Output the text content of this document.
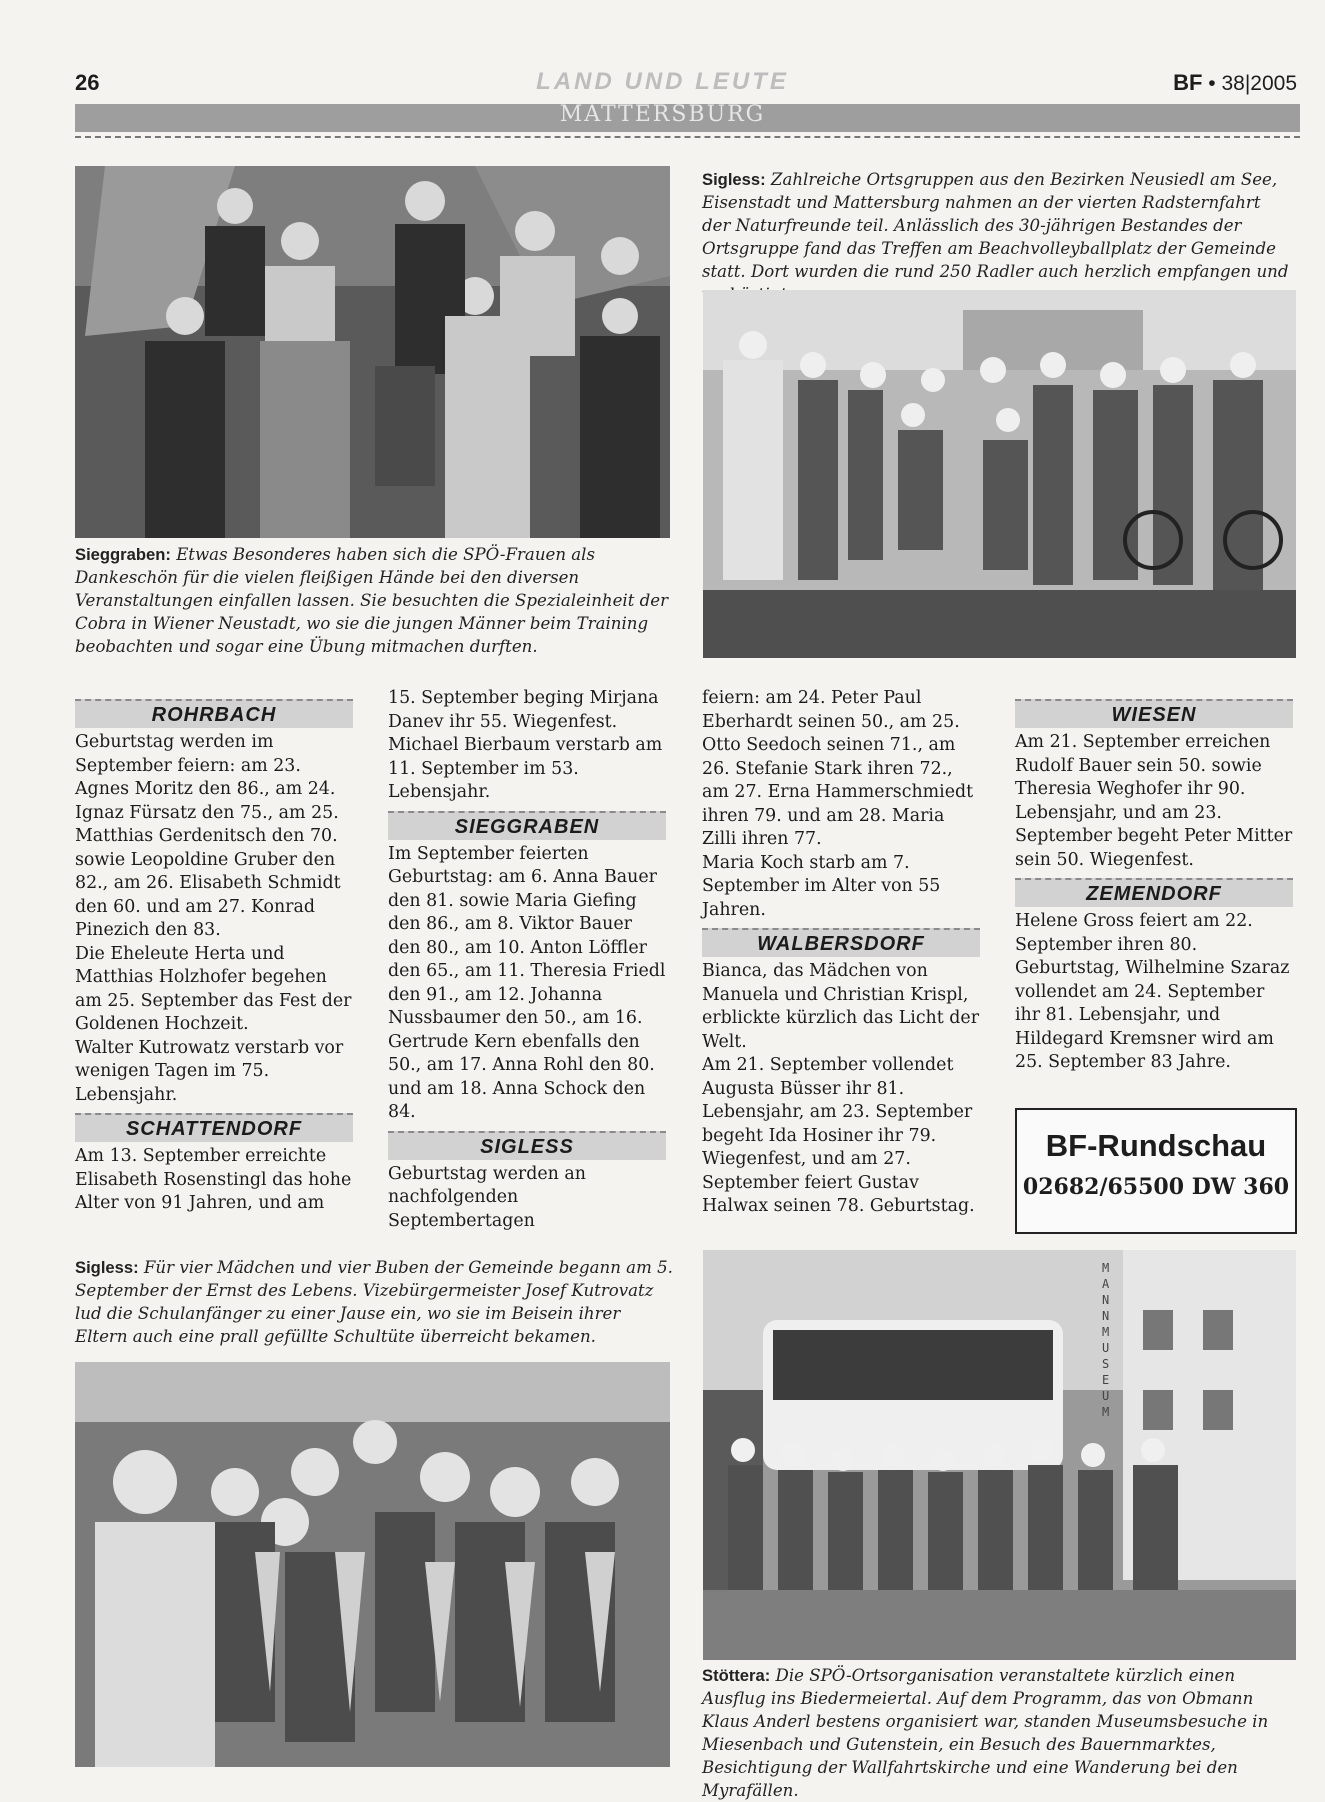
26	LAND UND LEUTE	BF • 38|2005
MATTERSBURG
Sieggraben: Etwas Besonderes haben sich die SPÖ-Frauen als Dankeschön für die vielen fleißigen Hände bei den diversen Veranstaltungen einfallen lassen. Sie besuchten die Spezialeinheit der Cobra in Wiener Neustadt, wo sie die jungen Männer beim Training beobachten und sogar eine Übung mitmachen durften.
Sigless: Zahlreiche Ortsgruppen aus den Bezirken Neusiedl am See, Eisenstadt und Mattersburg nahmen an der vierten Radsternfahrt der Naturfreunde teil. Anlässlich des 30-jährigen Bestandes der Ortsgruppe fand das Treffen am Beachvolleyballplatz der Gemeinde statt. Dort wurden die rund 250 Radler auch herzlich empfangen und
ROHRBACH

Geburtstag werden im September feiern: am 23. Agnes Moritz den 86., am 24. Ignaz Fürsatz den 75., am 25. Matthias Gerdenitsch den 70. sowie Leopoldine Gruber den 82., am 26. Elisabeth Schmidt den 60. und am 27. Konrad Pinezich den 83.

Die Eheleute Herta und Matthias Holzhofer begehen am 25. September das Fest der Goldenen Hochzeit.

Walter Kutrowatz verstarb vor wenigen Tagen im 75. Lebensjahr.

SCHATTENDORF

Am 13. September erreichte Elisabeth Rosenstingl das hohe Alter von 91 Jahren, und am

15. September beging Mirjana Danev ihr 55. Wiegenfest.

Michael Bierbaum verstarb am 11. September im 53. Lebensjahr.

SIEGGRABEN

Im September feierten Geburtstag: am 6. Anna Bauer den 81. sowie Maria Giefing den 86., am 8. Viktor Bauer den 80., am 10. Anton Löffler den 65., am 11. Theresia Friedl den 91., am 12. Johanna Nussbaumer den 50., am 16. Gertrude Kern ebenfalls den 50., am 17. Anna Rohl den 80. und am 18. Anna Schock den 84.

SIGLESS

Geburtstag werden an nachfolgenden Septembertagen

feiern: am 24. Peter Paul Eberhardt seinen 50., am 25. Otto Seedoch seinen 71., am 26. Stefanie Stark ihren 72., am 27. Erna Hammerschmiedt ihren 79. und am 28. Maria Zilli ihren 77.

Maria Koch starb am 7. September im Alter von 55 Jahren.

WALBERSDORF

Bianca, das Mädchen von Manuela und Christian Krispl, erblickte kürzlich das Licht der Welt.

Am 21. September vollendet Augusta Büsser ihr 81. Lebensjahr, am 23. September begeht Ida Hosiner ihr 79. Wiegenfest, und am 27. September feiert Gustav Halwax seinen 78. Geburtstag.

WIESEN

Am 21. September erreichen Rudolf Bauer sein 50. sowie Theresia Weghofer ihr 90. Lebensjahr, und am 23. September begeht Peter Mitter sein 50. Wiegenfest.

ZEMENDORF

Helene Gross feiert am 22. September ihren 80. Geburtstag, Wilhelmine Szaraz vollendet am 24. September ihr 81. Lebensjahr, und Hildegard Kremsner wird am 25. September 83 Jahre.

BF-Rundschau
02682/65500 DW 360
Sigless: Für vier Mädchen und vier Buben der Gemeinde begann am 5. September der Ernst des Lebens. Vizebürgermeister Josef Kutrovatz lud die Schulanfänger zu einer Jause ein, wo sie im Beisein ihrer Eltern auch eine prall gefüllte Schultüte überreicht bekamen.
MANNMUSEUM
Stöttera: Die SPÖ-Ortsorganisation veranstaltete kürzlich einen Ausflug ins Biedermeiertal. Auf dem Programm, das von Obmann Klaus Anderl bestens organisiert war, standen Museumsbesuche in Miesenbach und Gutenstein, ein Besuch des Bauernmarktes, Besichtigung der Wallfahrtskirche und eine Wanderung bei den Myrafällen.
